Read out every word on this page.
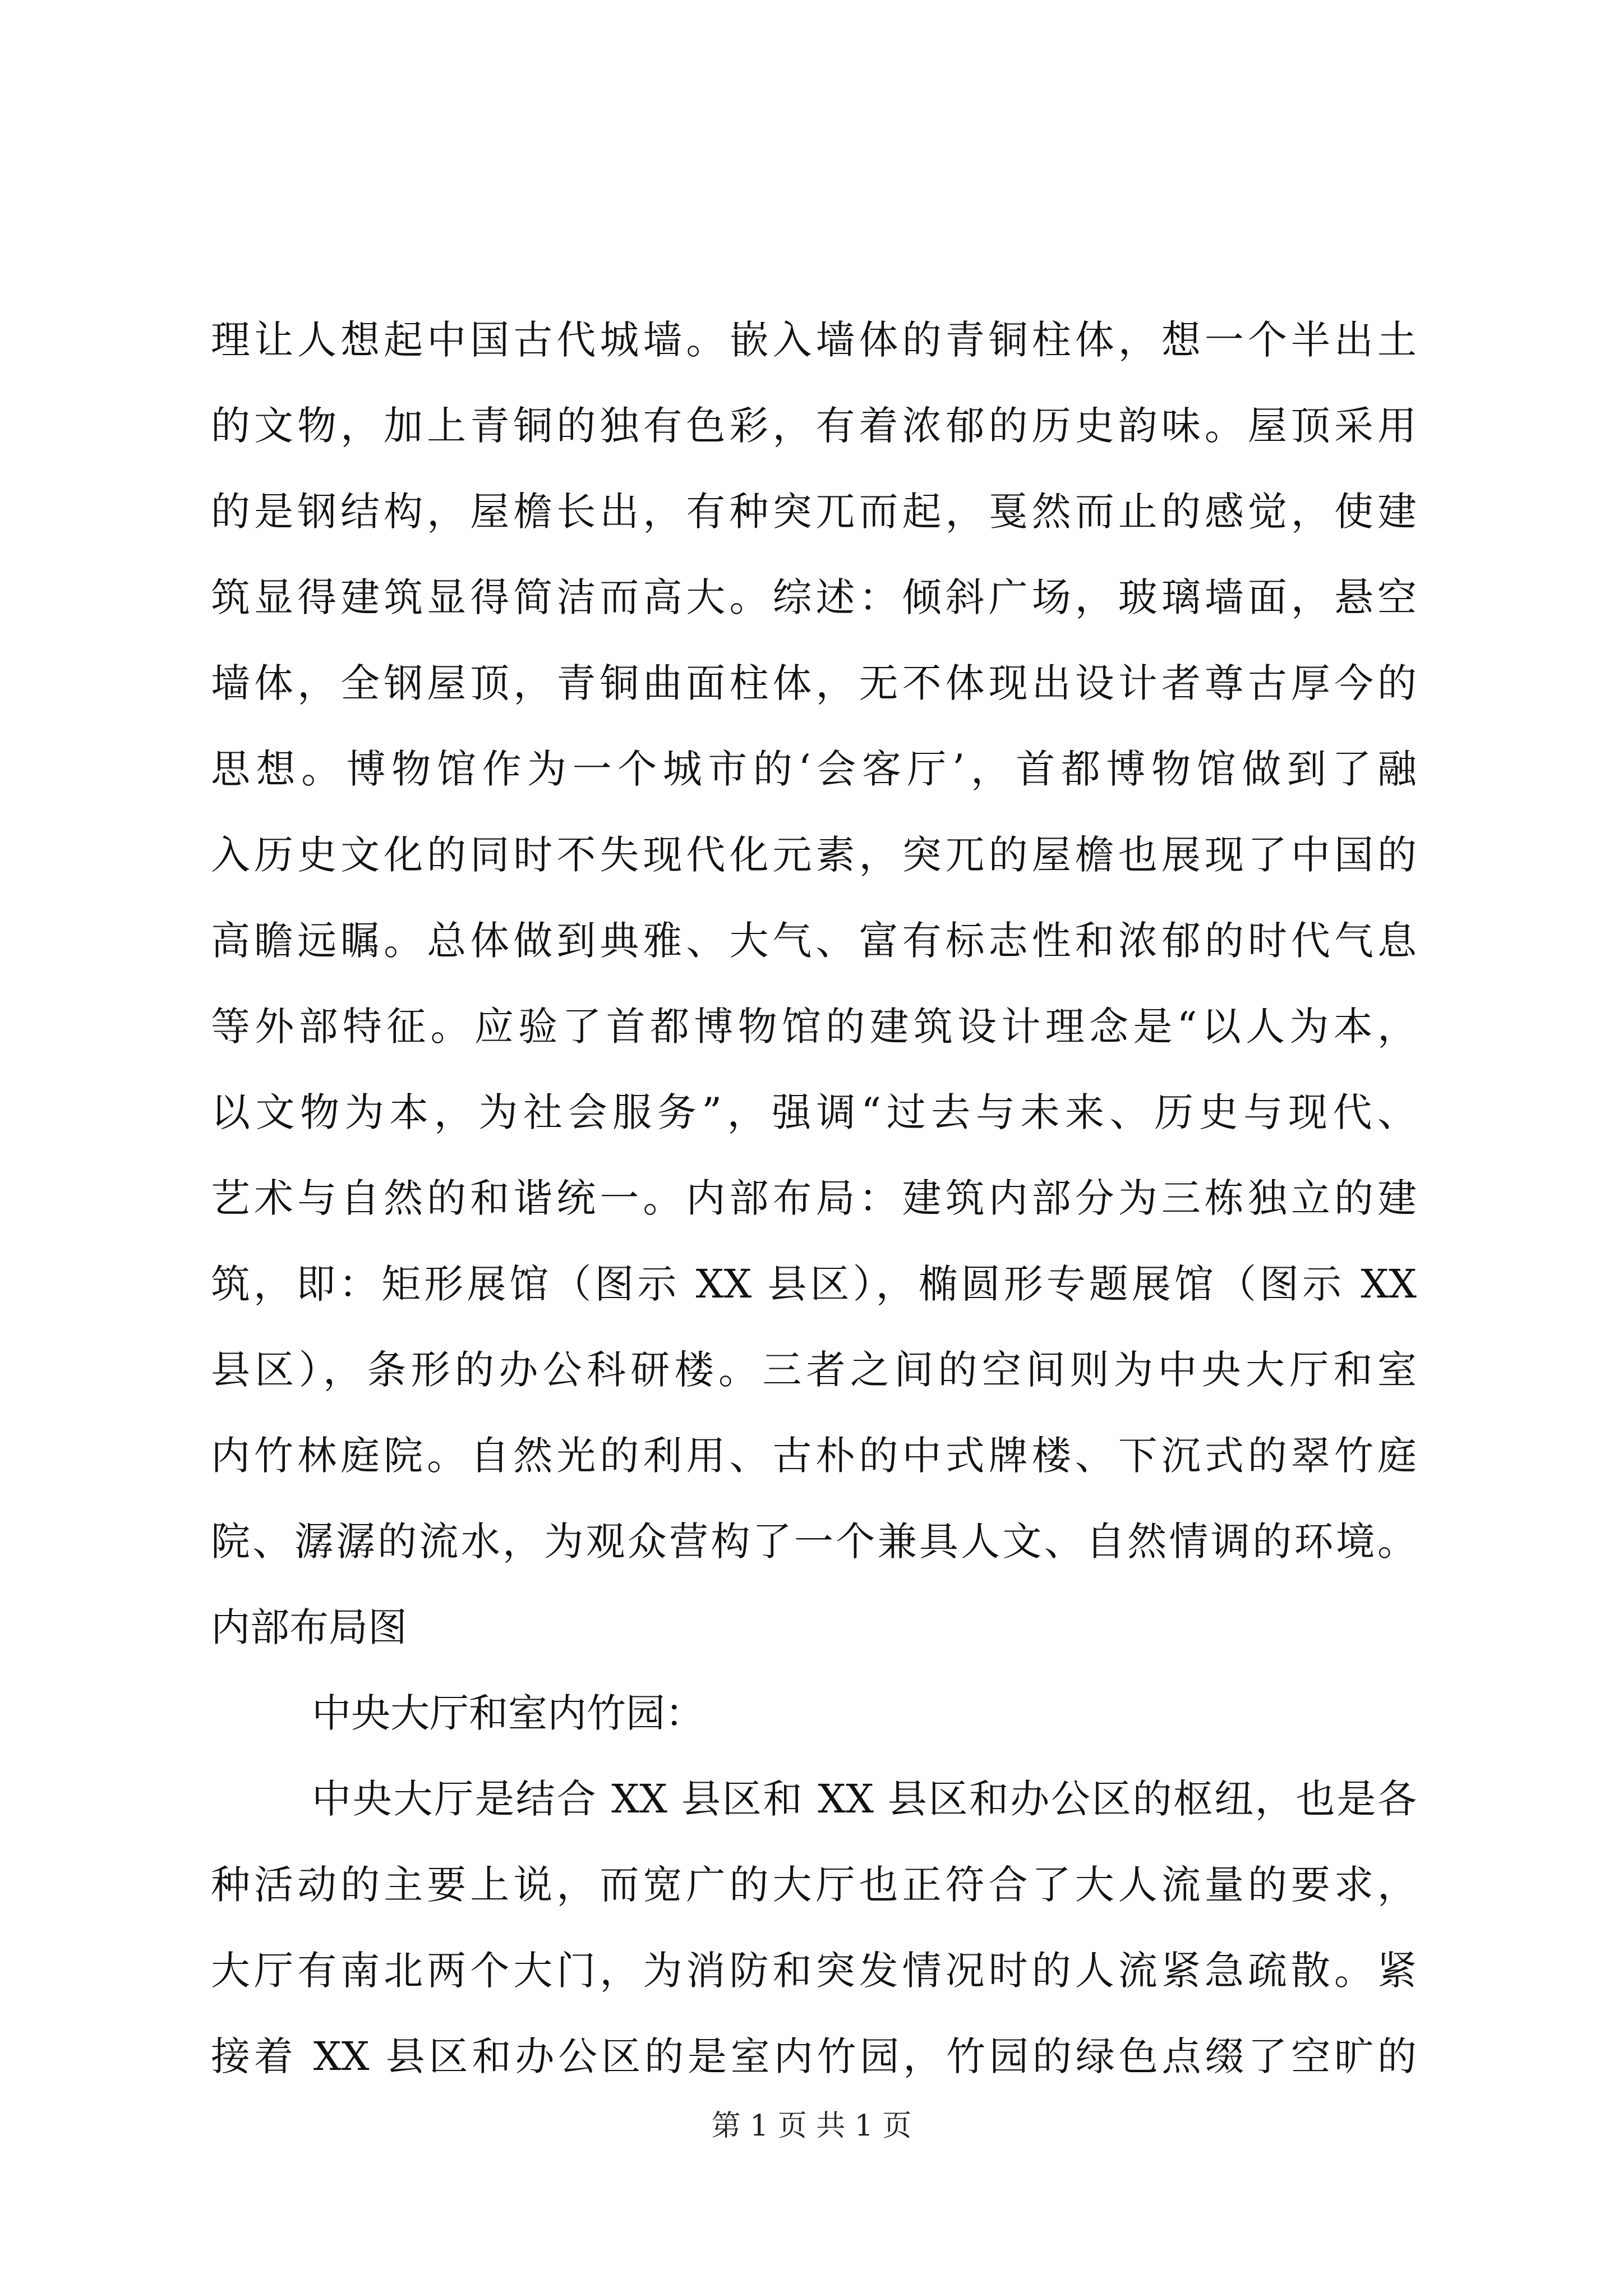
理让人想起中国古代城墙。嵌入墙体的青铜柱体，想一个半出土
的文物，加上青铜的独有色彩，有着浓郁的历史韵味。屋顶采用
的是钢结构，屋檐长出，有种突兀而起，戛然而止的感觉，使建
筑显得建筑显得简洁而高大。综述：倾斜广场，玻璃墙面，悬空
墙体，全钢屋顶，青铜曲面柱体，无不体现出设计者尊古厚今的
思想。博物馆作为一个城市的‘会客厅’，首都博物馆做到了融
入历史文化的同时不失现代化元素，突兀的屋檐也展现了中国的
高瞻远瞩。总体做到典雅、大气、富有标志性和浓郁的时代气息
等外部特征。应验了首都博物馆的建筑设计理念是“以人为本，
以文物为本，为社会服务”，强调“过去与未来、历史与现代、
艺术与自然的和谐统一。内部布局：建筑内部分为三栋独立的建
筑，即：矩形展馆（图示 XX 县区），椭圆形专题展馆（图示 XX
县区），条形的办公科研楼。三者之间的空间则为中央大厅和室
内竹林庭院。自然光的利用、古朴的中式牌楼、下沉式的翠竹庭
院、潺潺的流水，为观众营构了一个兼具人文、自然情调的环境。
内部布局图
中央大厅和室内竹园：
中央大厅是结合 XX 县区和 XX 县区和办公区的枢纽，也是各
种活动的主要上说，而宽广的大厅也正符合了大人流量的要求，
大厅有南北两个大门，为消防和突发情况时的人流紧急疏散。紧
接着 XX 县区和办公区的是室内竹园，竹园的绿色点缀了空旷的
第 1 页 共 1 页
